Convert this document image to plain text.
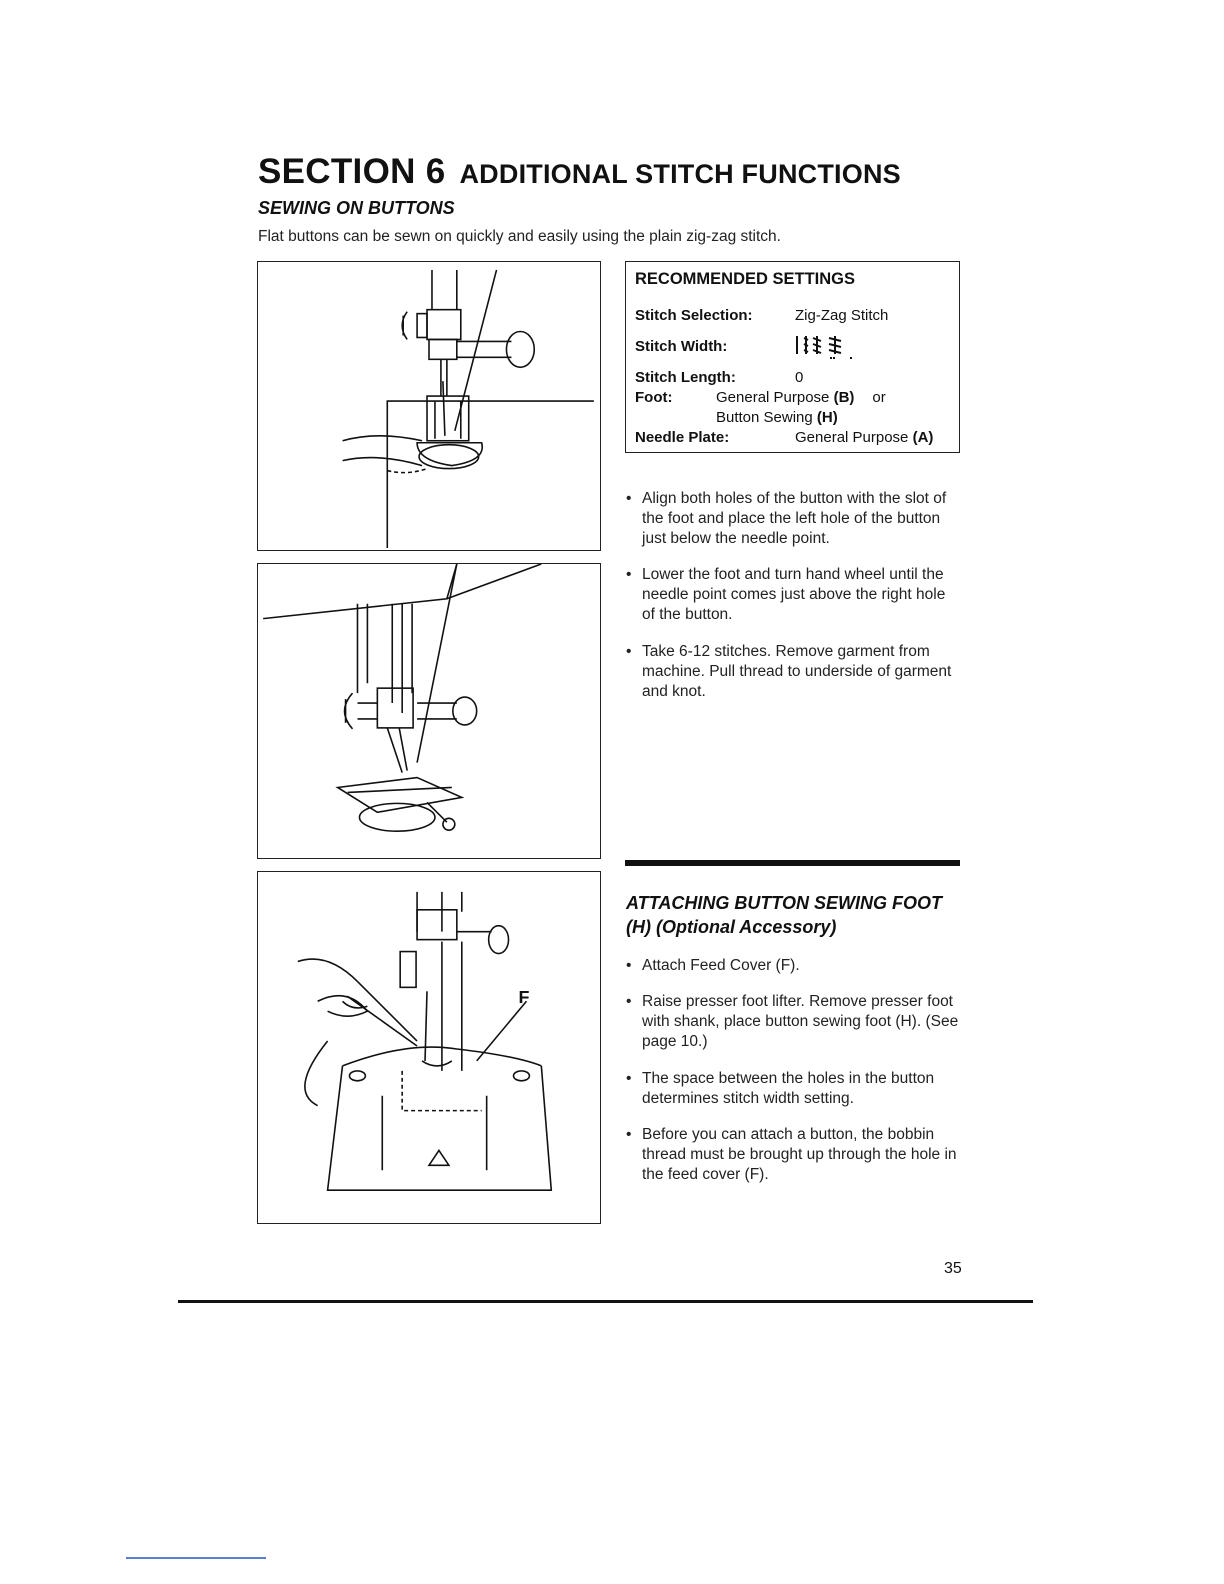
SECTION 6 ADDITIONAL STITCH FUNCTIONS
SEWING ON BUTTONS
Flat buttons can be sewn on quickly and easily using the plain zig-zag stitch.
F
RECOMMENDED SETTINGS
Stitch Selection:	Zig-Zag Stitch
Stitch Width:
Stitch Length:	0
Foot:	General Purpose (B) or
Button Sewing (H)
Needle Plate:	General Purpose (A)
• Align both holes of the button with the slot of the foot and place the left hole of the button just below the needle point.
• Lower the foot and turn hand wheel until the needle point comes just above the right hole of the button.
• Take 6-12 stitches. Remove garment from machine. Pull thread to underside of garment and knot.
ATTACHING BUTTON SEWING FOOT
(H) (Optional Accessory)
• Attach Feed Cover (F).
• Raise presser foot lifter. Remove presser foot with shank, place button sewing foot (H). (See page 10.)
• The space between the holes in the button determines stitch width setting.
• Before you can attach a button, the bobbin thread must be brought up through the hole in the feed cover (F).
35
